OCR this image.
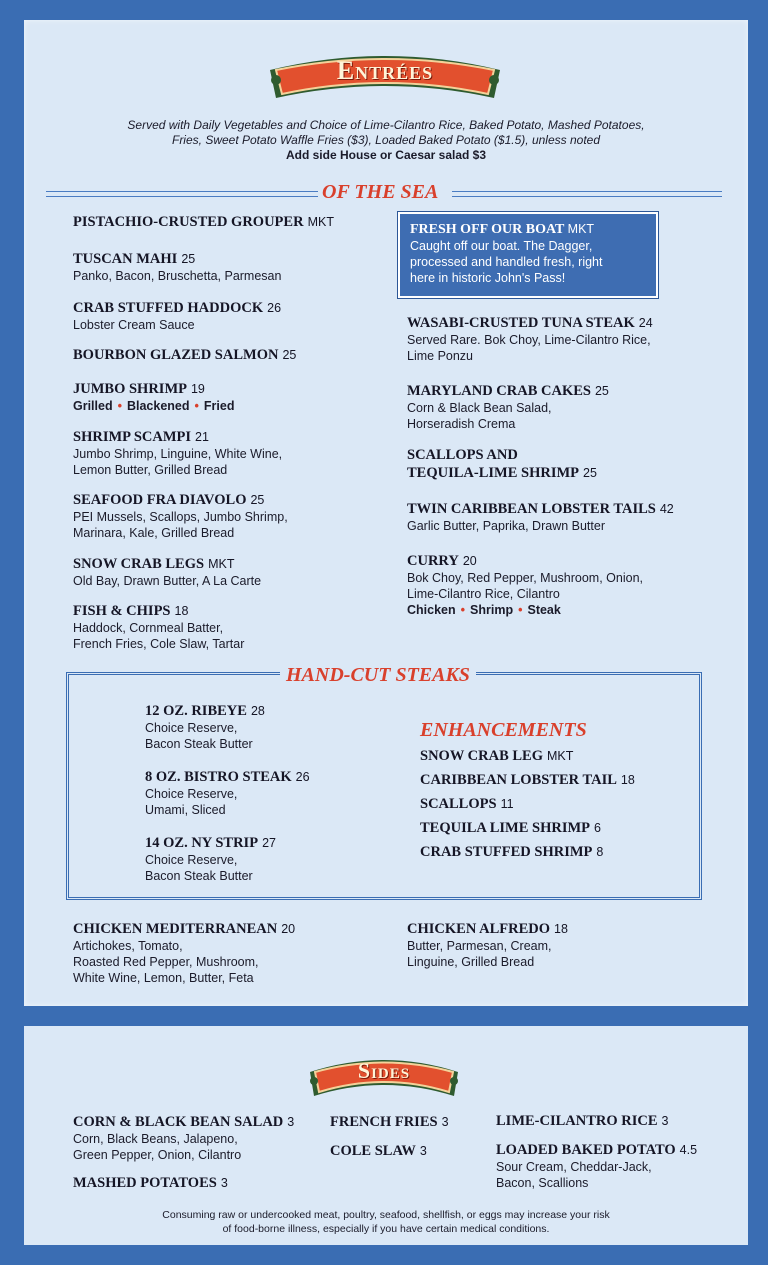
Entrées
Served with Daily Vegetables and Choice of Lime-Cilantro Rice, Baked Potato, Mashed Potatoes,
Fries, Sweet Potato Waffle Fries ($3), Loaded Baked Potato ($1.5), unless noted
Add side House or Caesar salad $3
OF THE SEA
PISTACHIO-CRUSTED GROUPER MKT
TUSCAN MAHI 25
Panko, Bacon, Bruschetta, Parmesan
CRAB STUFFED HADDOCK 26
Lobster Cream Sauce
BOURBON GLAZED SALMON 25
JUMBO SHRIMP 19
Grilled • Blackened • Fried
SHRIMP SCAMPI 21
Jumbo Shrimp, Linguine, White Wine,
Lemon Butter, Grilled Bread
SEAFOOD FRA DIAVOLO 25
PEI Mussels, Scallops, Jumbo Shrimp,
Marinara, Kale, Grilled Bread
SNOW CRAB LEGS MKT
Old Bay, Drawn Butter, A La Carte
FISH & CHIPS 18
Haddock, Cornmeal Batter,
French Fries, Cole Slaw, Tartar
FRESH OFF OUR BOAT MKT
Caught off our boat. The Dagger,
processed and handled fresh, right
here in historic John's Pass!
WASABI-CRUSTED TUNA STEAK 24
Served Rare. Bok Choy, Lime-Cilantro Rice,
Lime Ponzu
MARYLAND CRAB CAKES 25
Corn & Black Bean Salad,
Horseradish Crema
SCALLOPS AND
TEQUILA-LIME SHRIMP 25
TWIN CARIBBEAN LOBSTER TAILS 42
Garlic Butter, Paprika, Drawn Butter
CURRY 20
Bok Choy, Red Pepper, Mushroom, Onion,
Lime-Cilantro Rice, Cilantro
Chicken • Shrimp • Steak
HAND-CUT STEAKS
12 OZ. RIBEYE 28
Choice Reserve,
Bacon Steak Butter
8 OZ. BISTRO STEAK 26
Choice Reserve,
Umami, Sliced
14 OZ. NY STRIP 27
Choice Reserve,
Bacon Steak Butter
ENHANCEMENTS
SNOW CRAB LEG MKT
CARIBBEAN LOBSTER TAIL 18
SCALLOPS 11
TEQUILA LIME SHRIMP 6
CRAB STUFFED SHRIMP 8
CHICKEN MEDITERRANEAN 20
Artichokes, Tomato,
Roasted Red Pepper, Mushroom,
White Wine, Lemon, Butter, Feta
CHICKEN ALFREDO 18
Butter, Parmesan, Cream,
Linguine, Grilled Bread
Sides
CORN & BLACK BEAN SALAD 3
Corn, Black Beans, Jalapeno,
Green Pepper, Onion, Cilantro
MASHED POTATOES 3
FRENCH FRIES 3
COLE SLAW 3
LIME-CILANTRO RICE 3
LOADED BAKED POTATO 4.5
Sour Cream, Cheddar-Jack,
Bacon, Scallions
Consuming raw or undercooked meat, poultry, seafood, shellfish, or eggs may increase your risk
of food-borne illness, especially if you have certain medical conditions.
